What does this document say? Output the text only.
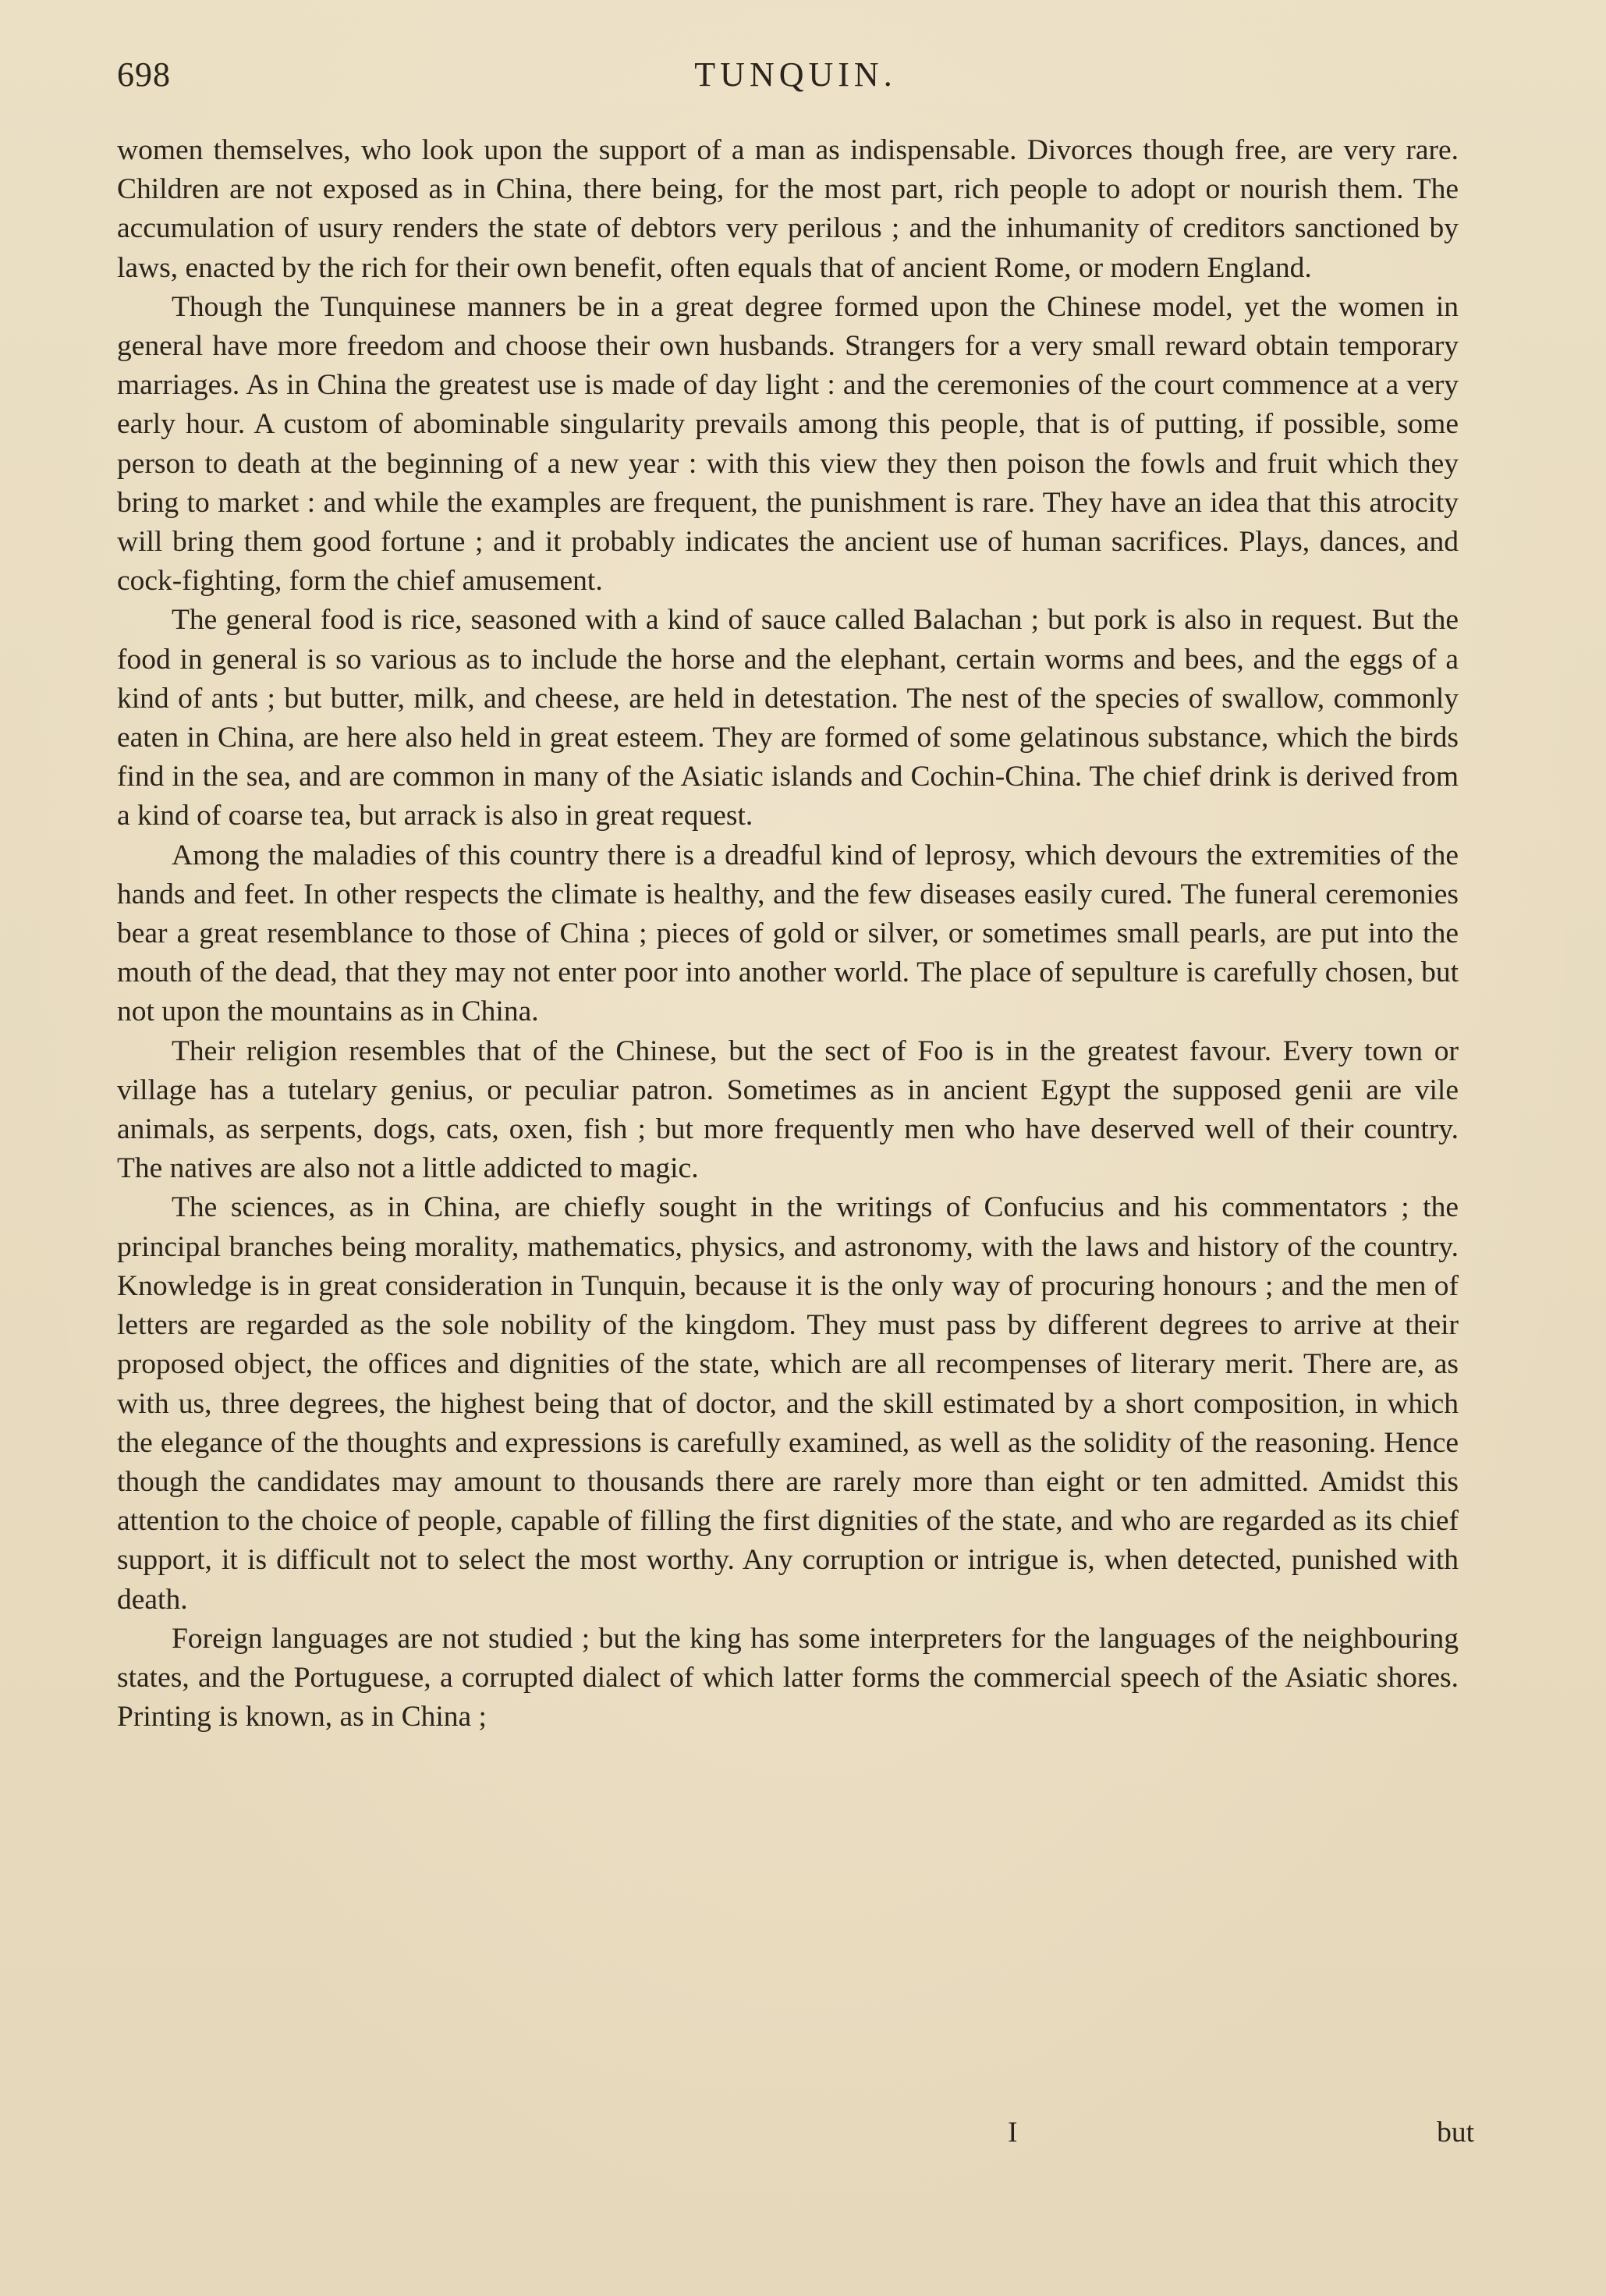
698	TUNQUIN.

women themselves, who look upon the support of a man as indispensable. Divorces though free, are very rare. Children are not exposed as in China, there being, for the most part, rich people to adopt or nourish them. The accumulation of usury renders the state of debtors very perilous ; and the inhumanity of creditors sanctioned by laws, enacted by the rich for their own benefit, often equals that of ancient Rome, or modern England.

Though the Tunquinese manners be in a great degree formed upon the Chinese model, yet the women in general have more freedom and choose their own husbands. Strangers for a very small reward obtain temporary marriages. As in China the greatest use is made of day light : and the ceremonies of the court commence at a very early hour. A custom of abominable singularity prevails among this people, that is of putting, if possible, some person to death at the beginning of a new year : with this view they then poison the fowls and fruit which they bring to market : and while the examples are frequent, the punishment is rare. They have an idea that this atrocity will bring them good fortune ; and it probably indicates the ancient use of human sacrifices. Plays, dances, and cock-fighting, form the chief amusement.

The general food is rice, seasoned with a kind of sauce called Balachan ; but pork is also in request. But the food in general is so various as to include the horse and the elephant, certain worms and bees, and the eggs of a kind of ants ; but butter, milk, and cheese, are held in detestation. The nest of the species of swallow, commonly eaten in China, are here also held in great esteem. They are formed of some gelatinous substance, which the birds find in the sea, and are common in many of the Asiatic islands and Cochin-China. The chief drink is derived from a kind of coarse tea, but arrack is also in great request.

Among the maladies of this country there is a dreadful kind of leprosy, which devours the extremities of the hands and feet. In other respects the climate is healthy, and the few diseases easily cured. The funeral ceremonies bear a great resemblance to those of China ; pieces of gold or silver, or sometimes small pearls, are put into the mouth of the dead, that they may not enter poor into another world. The place of sepulture is carefully chosen, but not upon the mountains as in China.

Their religion resembles that of the Chinese, but the sect of Foo is in the greatest favour. Every town or village has a tutelary genius, or peculiar patron. Sometimes as in ancient Egypt the supposed genii are vile animals, as serpents, dogs, cats, oxen, fish ; but more frequently men who have deserved well of their country. The natives are also not a little addicted to magic.

The sciences, as in China, are chiefly sought in the writings of Confucius and his commentators ; the principal branches being morality, mathematics, physics, and astronomy, with the laws and history of the country. Knowledge is in great consideration in Tunquin, because it is the only way of procuring honours ; and the men of letters are regarded as the sole nobility of the kingdom. They must pass by different degrees to arrive at their proposed object, the offices and dignities of the state, which are all recompenses of literary merit. There are, as with us, three degrees, the highest being that of doctor, and the skill estimated by a short composition, in which the elegance of the thoughts and expressions is carefully examined, as well as the solidity of the reasoning. Hence though the candidates may amount to thousands there are rarely more than eight or ten admitted. Amidst this attention to the choice of people, capable of filling the first dignities of the state, and who are regarded as its chief support, it is difficult not to select the most worthy. Any corruption or intrigue is, when detected, punished with death.

Foreign languages are not studied ; but the king has some interpreters for the languages of the neighbouring states, and the Portuguese, a corrupted dialect of which latter forms the commercial speech of the Asiatic shores. Printing is known, as in China ;

I	but
